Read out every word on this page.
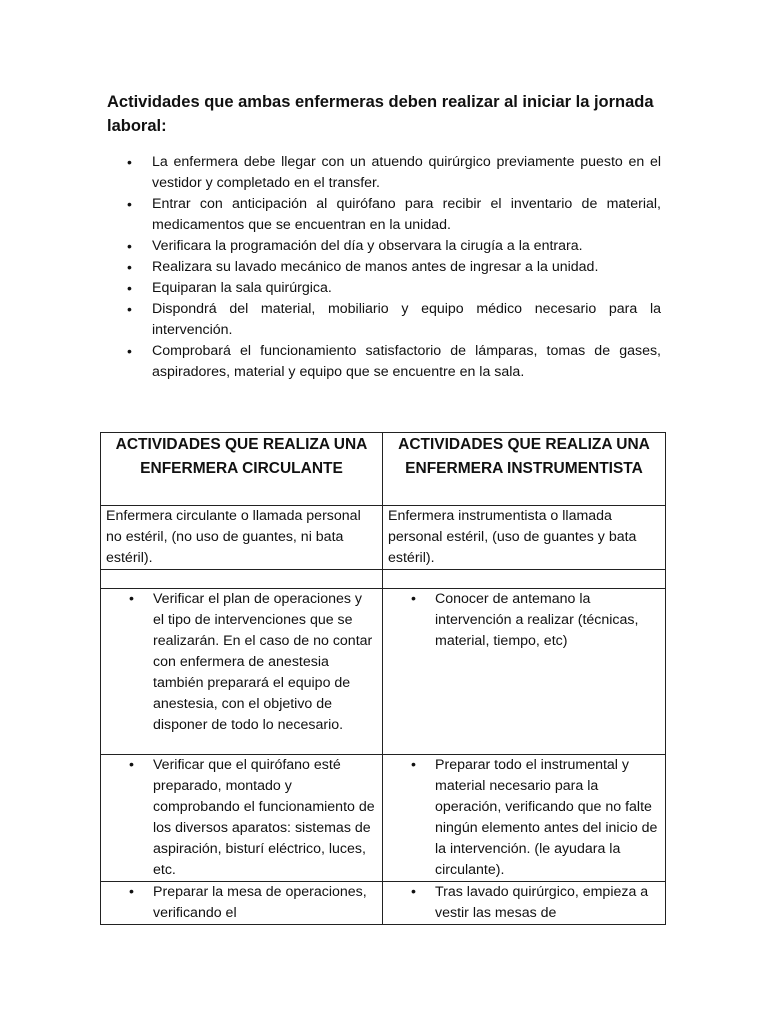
Actividades que ambas enfermeras deben realizar al iniciar la jornada laboral:
• La enfermera debe llegar con un atuendo quirúrgico previamente puesto en el vestidor y completado en el transfer.
• Entrar con anticipación al quirófano para recibir el inventario de material, medicamentos que se encuentran en la unidad.
• Verificara la programación del día y observara la cirugía a la entrara.
• Realizara su lavado mecánico de manos antes de ingresar a la unidad.
• Equiparan la sala quirúrgica.
• Dispondrá del material, mobiliario y equipo médico necesario para la intervención.
• Comprobará el funcionamiento satisfactorio de lámparas, tomas de gases, aspiradores, material y equipo que se encuentre en la sala.
ACTIVIDADES QUE REALIZA UNA ENFERMERA CIRCULANTE	ACTIVIDADES QUE REALIZA UNA ENFERMERA INSTRUMENTISTA

Enfermera circulante o llamada personal no estéril, (no uso de guantes, ni bata estéril).	Enfermera instrumentista o llamada personal estéril, (uso de guantes y bata estéril).

• Verificar el plan de operaciones y el tipo de intervenciones que se realizarán. En el caso de no contar con enfermera de anestesia también preparará el equipo de anestesia, con el objetivo de disponer de todo lo necesario.	• Conocer de antemano la intervención a realizar (técnicas, material, tiempo, etc)

• Verificar que el quirófano esté preparado, montado y comprobando el funcionamiento de los diversos aparatos: sistemas de aspiración, bisturí eléctrico, luces, etc.	• Preparar todo el instrumental y material necesario para la operación, verificando que no falte ningún elemento antes del inicio de la intervención. (le ayudara la circulante).

• Preparar la mesa de operaciones, verificando el	• Tras lavado quirúrgico, empieza a vestir las mesas de
